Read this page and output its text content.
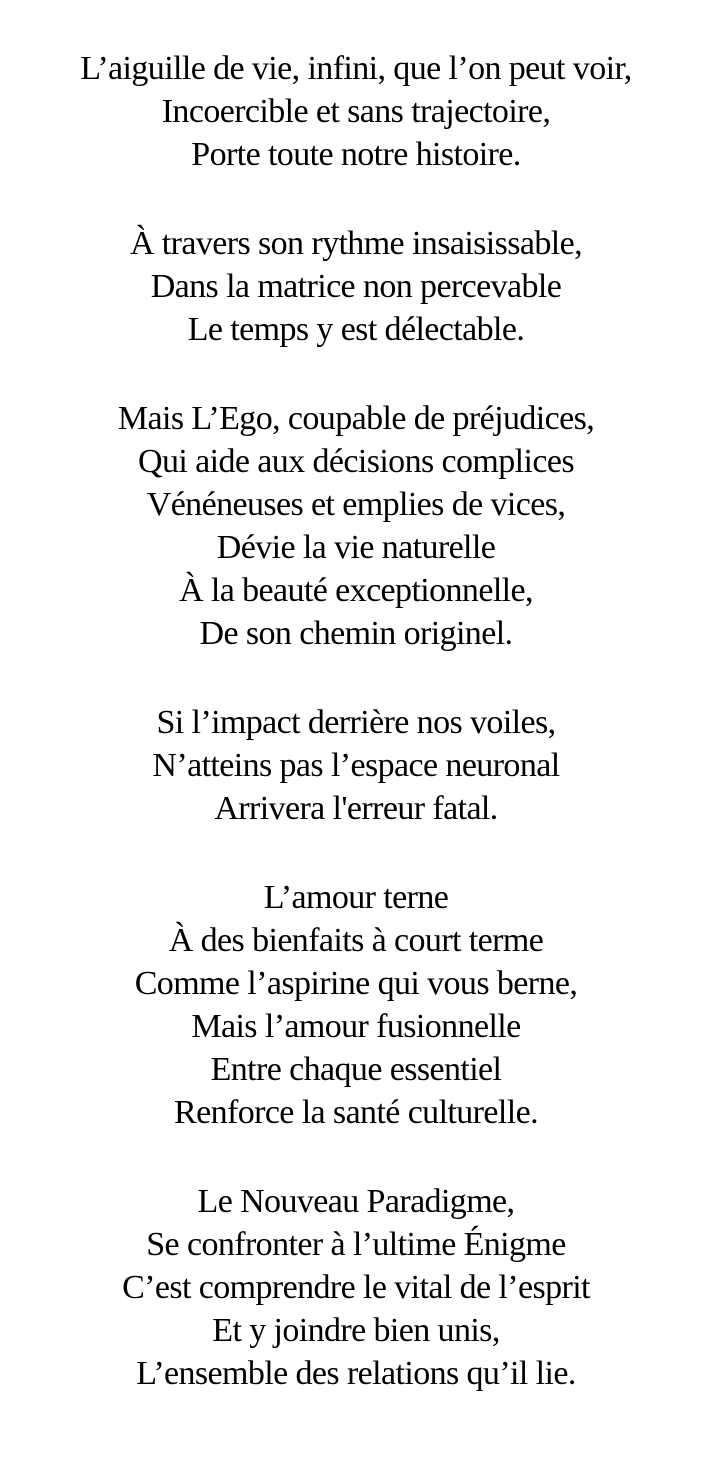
L’aiguille de vie, infini, que l’on peut voir,
Incoercible et sans trajectoire,
Porte toute notre histoire.
À travers son rythme insaisissable,
Dans la matrice non percevable
Le temps y est délectable.
Mais L’Ego, coupable de préjudices,
Qui aide aux décisions complices
Vénéneuses et emplies de vices,
Dévie la vie naturelle
À la beauté exceptionnelle,
De son chemin originel.
Si l’impact derrière nos voiles,
N’atteins pas l’espace neuronal
Arrivera l'erreur fatal.
L’amour terne
À des bienfaits à court terme
Comme l’aspirine qui vous berne,
Mais l’amour fusionnelle
Entre chaque essentiel
Renforce la santé culturelle.
Le Nouveau Paradigme,
Se confronter à l’ultime Énigme
C’est comprendre le vital de l’esprit
Et y joindre bien unis,
L’ensemble des relations qu’il lie.
